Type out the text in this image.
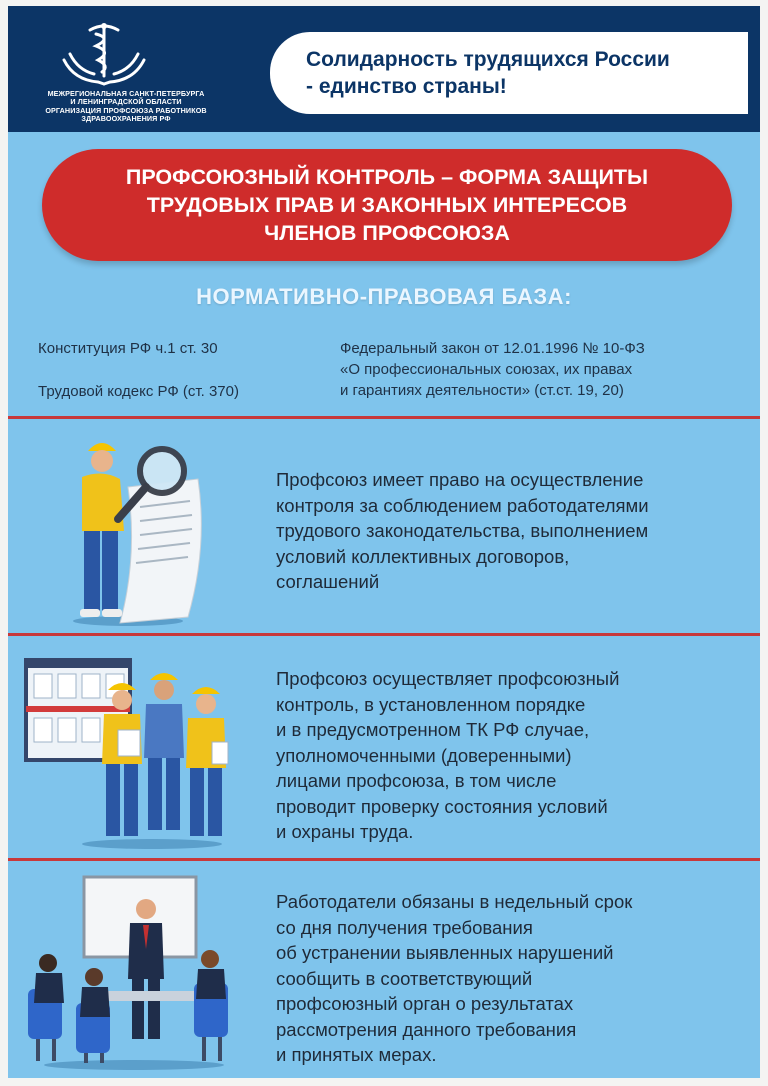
МЕЖРЕГИОНАЛЬНАЯ САНКТ-ПЕТЕРБУРГА
И ЛЕНИНГРАДСКОЙ ОБЛАСТИ
ОРГАНИЗАЦИЯ ПРОФСОЮЗА РАБОТНИКОВ
ЗДРАВООХРАНЕНИЯ РФ
Солидарность трудящихся России
- единство страны!
ПРОФСОЮЗНЫЙ КОНТРОЛЬ – ФОРМА ЗАЩИТЫ
ТРУДОВЫХ ПРАВ И ЗАКОННЫХ ИНТЕРЕСОВ
ЧЛЕНОВ ПРОФСОЮЗА
НОРМАТИВНО-ПРАВОВАЯ БАЗА:
Конституция РФ ч.1 ст. 30
Трудовой кодекс РФ (ст. 370)
Федеральный закон от 12.01.1996 № 10-ФЗ
«О профессиональных союзах, их правах
и гарантиях деятельности» (ст.ст. 19, 20)
Профсоюз имеет право на осуществление
контроля за соблюдением работодателями
трудового законодательства, выполнением
условий коллективных договоров,
соглашений
Профсоюз осуществляет профсоюзный
контроль, в установленном порядке
и в предусмотренном ТК РФ случае,
уполномоченными (доверенными)
лицами профсоюза, в том числе
проводит проверку состояния условий
и охраны труда.
Работодатели обязаны в недельный срок
со дня получения требования
об устранении выявленных нарушений
сообщить в соответствующий
профсоюзный орган о результатах
рассмотрения данного требования
и принятых мерах.
